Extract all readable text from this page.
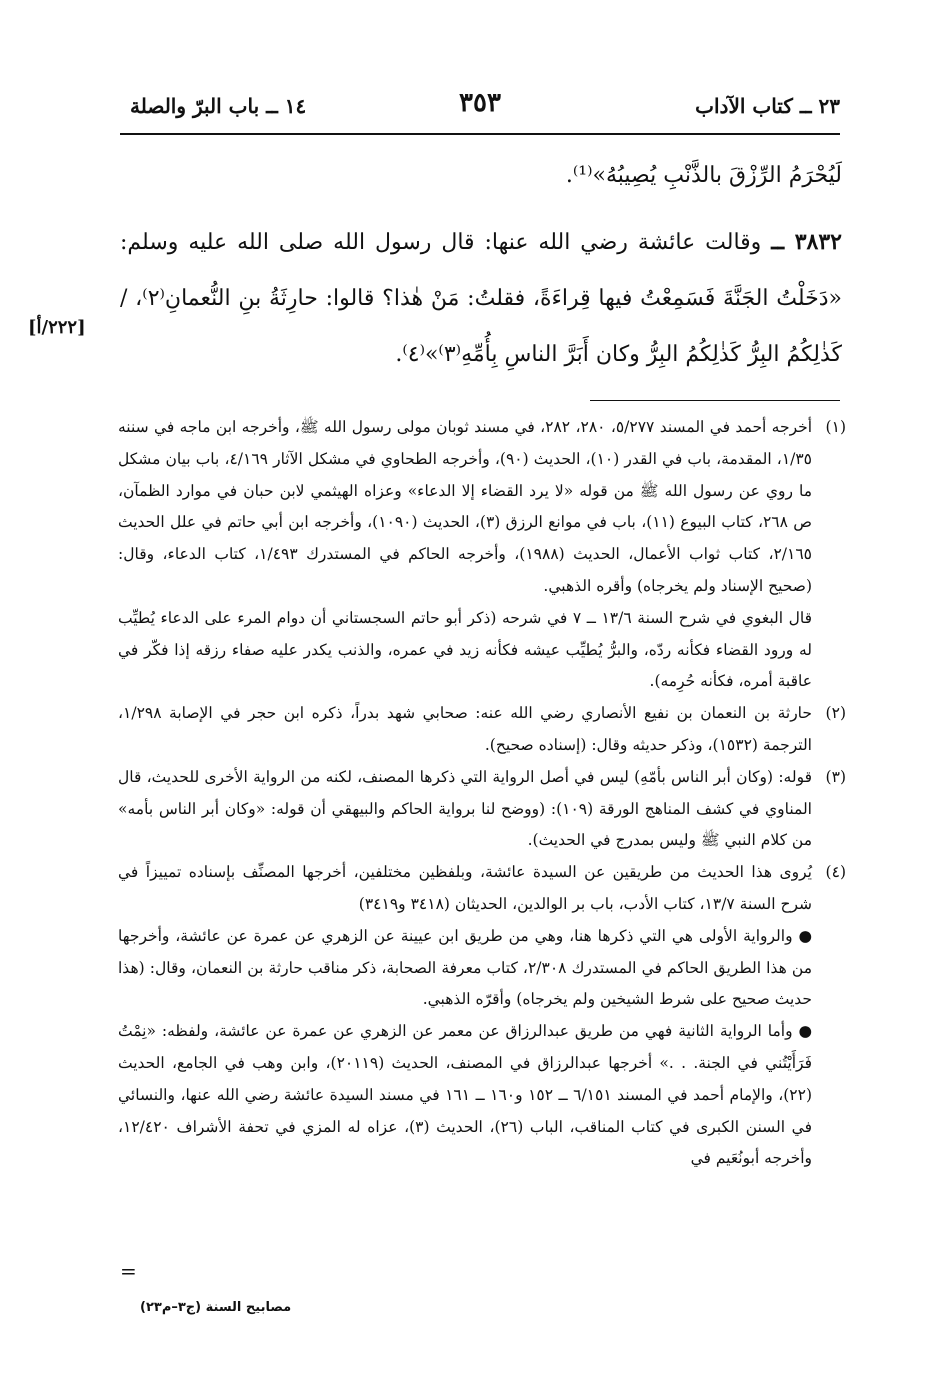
٢٣ ــ كتاب الآداب
٣٥٣
١٤ ــ باب البرّ والصلة

لَيُحْرَمُ الرِّزْقَ بالذَّنْبِ يُصِيبُهُ»⁽¹⁾.

٣٨٣٢ ــ وقالت عائشة رضي الله عنها: قال رسول الله صلى الله عليه وسلم: «دَخَلْتُ الجَنَّةَ فَسَمِعْتُ فيها قِراءَةً، فقلتُ: مَنْ هٰذا؟ قالوا: حارِثَةُ بنِ النُّعمانِ⁽٢⁾، / كَذٰلِكُمُ البِرُّ كَذٰلِكُمُ البِرُّ وكان أَبَرَّ الناسِ بِأُمِّهِ⁽٣⁾»⁽٤⁾.

[٢٢٢/أ]
(١)

أخرجه أحمد في المسند ٥/٢٧٧، ٢٨٠، ٢٨٢، في مسند ثوبان مولى رسول الله ﷺ، وأخرجه ابن ماجه في سننه ١/٣٥، المقدمة، باب في القدر (١٠)، الحديث (٩٠)، وأخرجه الطحاوي في مشكل الآثار ٤/١٦٩، باب بيان مشكل ما روي عن رسول الله ﷺ من قوله «لا يرد القضاء إلا الدعاء» وعزاه الهيثمي لابن حبان في موارد الظمآن، ص ٢٦٨، كتاب البيوع (١١)، باب في موانع الرزق (٣)، الحديث (١٠٩٠)، وأخرجه ابن أبي حاتم في علل الحديث ٢/١٦٥، كتاب ثواب الأعمال، الحديث (١٩٨٨)، وأخرجه الحاكم في المستدرك ١/٤٩٣، كتاب الدعاء، وقال: (صحيح الإسناد ولم يخرجاه) وأقره الذهبي.

قال البغوي في شرح السنة ١٣/٦ ــ ٧ في شرحه (ذكر أبو حاتم السجستاني أن دوام المرء على الدعاء يُطيِّب له ورود القضاء فكأنه ردّه، والبرُّ يُطيِّب عيشه فكأنه زيد في عمره، والذنب يكدر عليه صفاء رزقه إذا فكّر في عاقبة أمره، فكأنه حُرِمه).

(٢)

حارثة بن النعمان بن نفيع الأنصاري رضي الله عنه: صحابي شهد بدراً، ذكره ابن حجر في الإصابة ١/٢٩٨، الترجمة (١٥٣٢)، وذكر حديثه وقال: (إسناده صحيح).

(٣)

قوله: (وكان أبر الناس بأمّهِ) ليس في أصل الرواية التي ذكرها المصنف، لكنه من الرواية الأخرى للحديث، قال المناوي في كشف المناهج الورقة (١٠٩): (ووضح لنا برواية الحاكم والبيهقي أن قوله: «وكان أبر الناس بأمه» من كلام النبي ﷺ وليس بمدرج في الحديث).

(٤)

يُروى هذا الحديث من طريقين عن السيدة عائشة، وبلفظين مختلفين، أخرجها المصنِّف بإسناده تمييزاً في شرح السنة ١٣/٧، كتاب الأدب، باب بر الوالدين، الحديثان (٣٤١٨ و٣٤١٩)

● والرواية الأولى هي التي ذكرها هنا، وهي من طريق ابن عيينة عن الزهري عن عمرة عن عائشة، وأخرجها من هذا الطريق الحاكم في المستدرك ٢/٣٠٨، كتاب معرفة الصحابة، ذكر مناقب حارثة بن النعمان، وقال: (هذا حديث صحيح على شرط الشيخين ولم يخرجاه) وأقرّه الذهبي.

● وأما الرواية الثانية فهي من طريق عبدالرزاق عن معمر عن الزهري عن عمرة عن عائشة، ولفظه: «نِمْتُ فَرَأَيْتُني في الجنة. . .» أخرجها عبدالرزاق في المصنف، الحديث (٢٠١١٩)، وابن وهب في الجامع، الحديث (٢٢)، والإمام أحمد في المسند ٦/١٥١ ــ ١٥٢ و١٦٠ ــ ١٦١ في مسند السيدة عائشة رضي الله عنها، والنسائي في السنن الكبرى في كتاب المناقب، الباب (٢٦)، الحديث (٣)، عزاه له المزي في تحفة الأشراف ١٢/٤٢٠، وأخرجه أبونُعَيم في

=
مصابيح السنة (ج٣–م٢٣)
